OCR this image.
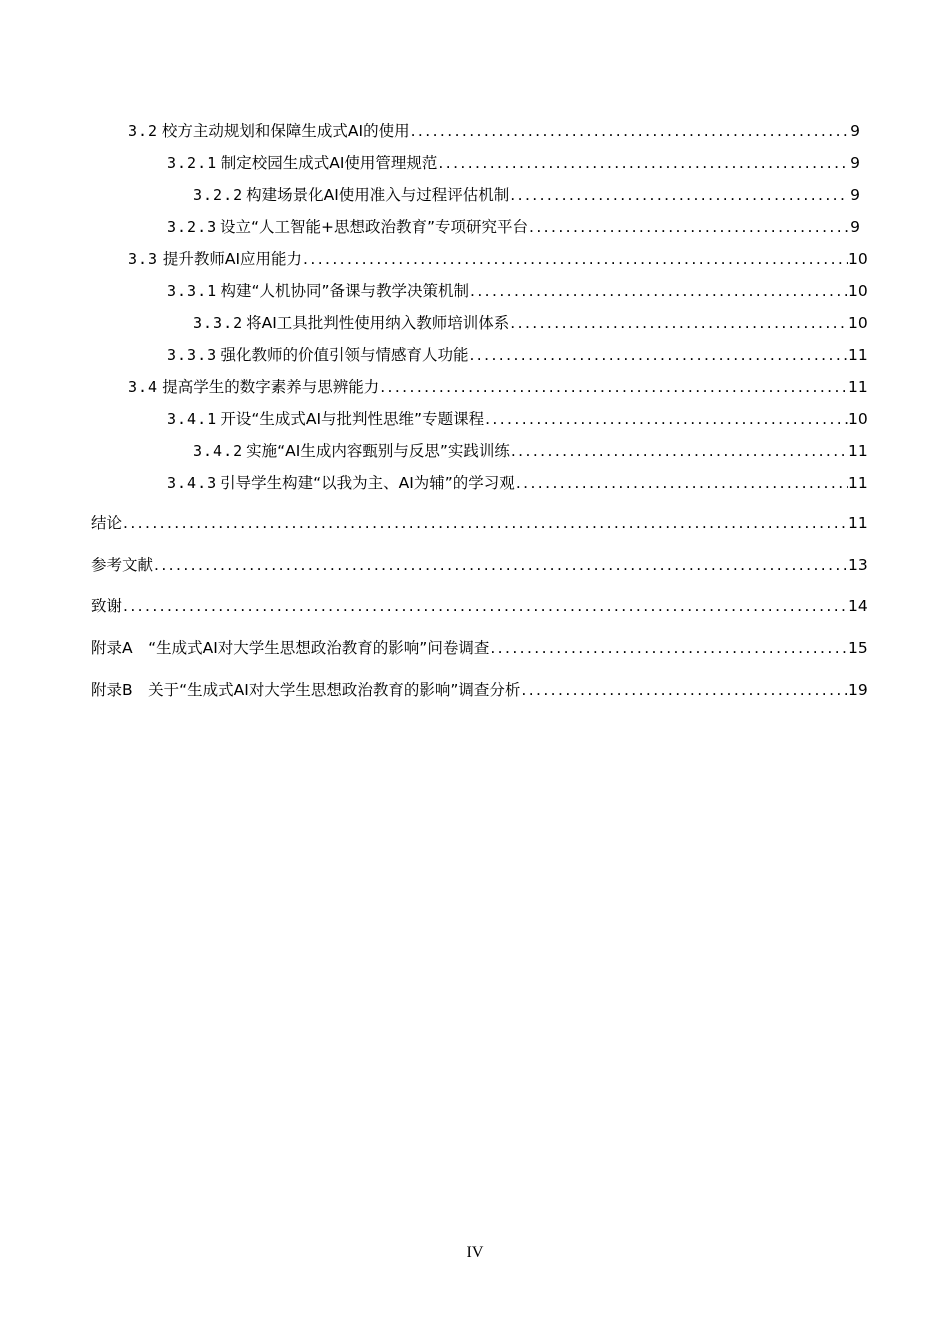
3.2 校方主动规划和保障生成式AI的使用 .....	9
3.2.1 制定校园生成式AI使用管理规范 .....	9
3.2.2 构建场景化AI使用准入与过程评估机制 .....	9
3.2.3 设立“人工智能+思想政治教育”专项研究平台 .....	9
3.3 提升教师AI应用能力 .....	10
3.3.1 构建“人机协同”备课与教学决策机制 .....	10
3.3.2 将AI工具批判性使用纳入教师培训体系 .....	10
3.3.3 强化教师的价值引领与情感育人功能 .....	11
3.4 提高学生的数字素养与思辨能力 .....	11
3.4.1 开设“生成式AI与批判性思维”专题课程 .....	10
3.4.2 实施“AI生成内容甄别与反思”实践训练 .....	11
3.4.3 引导学生构建“以我为主、AI为辅”的学习观 .....	11
结论 .....	11
参考文献 .....	13
致谢 .....	14
附录A　“生成式AI对大学生思想政治教育的影响”问卷调查 .....	15
附录B　关于“生成式AI对大学生思想政治教育的影响”调查分析 .....	19
IV
